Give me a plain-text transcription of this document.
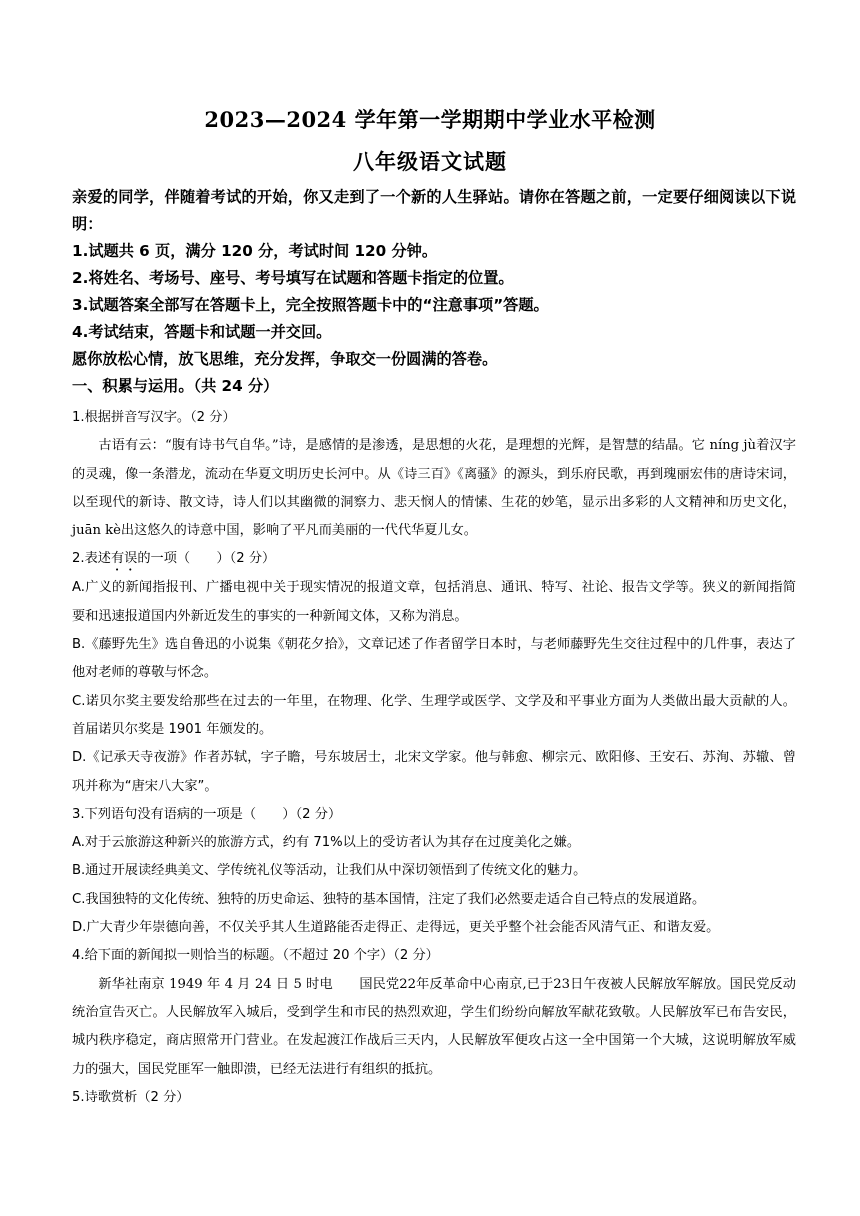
2023—2024 学年第一学期期中学业水平检测
八年级语文试题

亲爱的同学，伴随着考试的开始，你又走到了一个新的人生驿站。请你在答题之前，一定要仔细阅读以下说明：

1.试题共 6 页，满分 120 分，考试时间 120 分钟。

2.将姓名、考场号、座号、考号填写在试题和答题卡指定的位置。

3.试题答案全部写在答题卡上，完全按照答题卡中的“注意事项”答题。

4.考试结束，答题卡和试题一并交回。

愿你放松心情，放飞思维，充分发挥，争取交一份圆满的答卷。

一、积累与运用。（共 24 分）

1.根据拼音写汉字。（2 分）

古语有云：“腹有诗书气自华。”诗，是感情的是渗透，是思想的火花，是理想的光辉，是智慧的结晶。它 níng jù着汉字的灵魂，像一条潜龙，流动在华夏文明历史长河中。从《诗三百》《离骚》的源头，到乐府民歌，再到瑰丽宏伟的唐诗宋词，以至现代的新诗、散文诗，诗人们以其幽微的洞察力、悲天悯人的情愫、生花的妙笔，显示出多彩的人文精神和历史文化，juān kè出这悠久的诗意中国，影响了平凡而美丽的一代代华夏儿女。

2.表述有误的一项（　　）（2 分）

A.广义的新闻指报刊、广播电视中关于现实情况的报道文章，包括消息、通讯、特写、社论、报告文学等。狭义的新闻指简要和迅速报道国内外新近发生的事实的一种新闻文体，又称为消息。

B.《藤野先生》选自鲁迅的小说集《朝花夕拾》，文章记述了作者留学日本时，与老师藤野先生交往过程中的几件事，表达了他对老师的尊敬与怀念。

C.诺贝尔奖主要发给那些在过去的一年里，在物理、化学、生理学或医学、文学及和平事业方面为人类做出最大贡献的人。首届诺贝尔奖是 1901 年颁发的。

D.《记承天寺夜游》作者苏轼，字子瞻，号东坡居士，北宋文学家。他与韩愈、柳宗元、欧阳修、王安石、苏洵、苏辙、曾巩并称为“唐宋八大家”。

3.下列语句没有语病的一项是（　　）（2 分）

A.对于云旅游这种新兴的旅游方式，约有 71%以上的受访者认为其存在过度美化之嫌。

B.通过开展读经典美文、学传统礼仪等活动，让我们从中深切领悟到了传统文化的魅力。

C.我国独特的文化传统、独特的历史命运、独特的基本国情，注定了我们必然要走适合自己特点的发展道路。

D.广大青少年崇德向善，不仅关乎其人生道路能否走得正、走得远，更关乎整个社会能否风清气正、和谐友爱。

4.给下面的新闻拟一则恰当的标题。（不超过 20 个字）（2 分）

新华社南京 1949 年 4 月 24 日 5 时电　　国民党22年反革命中心南京,已于23日午夜被人民解放军解放。国民党反动统治宣告灭亡。人民解放军入城后，受到学生和市民的热烈欢迎，学生们纷纷向解放军献花致敬。人民解放军已布告安民，城内秩序稳定，商店照常开门营业。在发起渡江作战后三天内，人民解放军便攻占这一全中国第一个大城，这说明解放军威力的强大，国民党匪军一触即溃，已经无法进行有组织的抵抗。

5.诗歌赏析（2 分）
